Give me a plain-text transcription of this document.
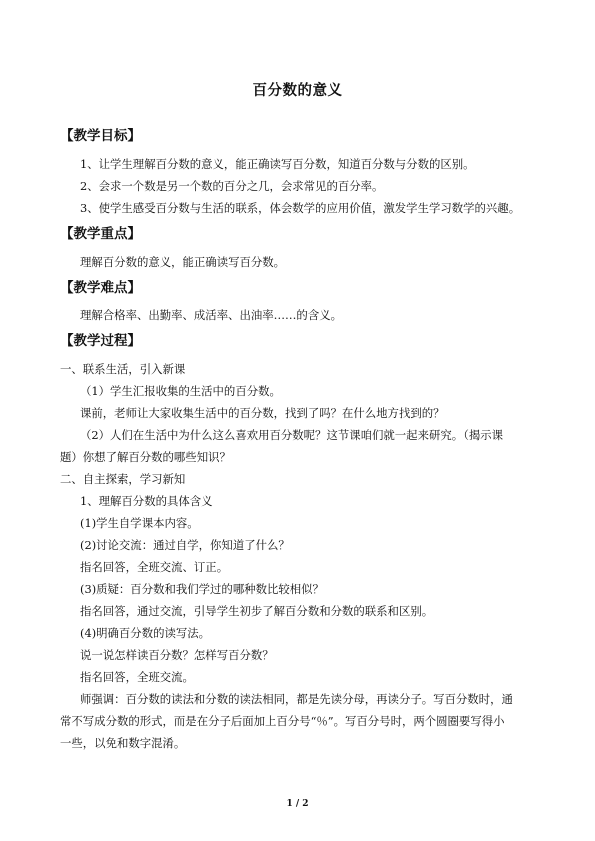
百分数的意义
【教学目标】
1、让学生理解百分数的意义，能正确读写百分数，知道百分数与分数的区别。
2、会求一个数是另一个数的百分之几，会求常见的百分率。
3、使学生感受百分数与生活的联系，体会数学的应用价值，激发学生学习数学的兴趣。
【教学重点】
理解百分数的意义，能正确读写百分数。
【教学难点】
理解合格率、出勤率、成活率、出油率……的含义。
【教学过程】
一、联系生活，引入新课
（1）学生汇报收集的生活中的百分数。
课前，老师让大家收集生活中的百分数，找到了吗？在什么地方找到的？
（2）人们在生活中为什么这么喜欢用百分数呢？这节课咱们就一起来研究。（揭示课
题）你想了解百分数的哪些知识？
二、自主探索，学习新知
1、理解百分数的具体含义
(1)学生自学课本内容。
(2)讨论交流：通过自学，你知道了什么？
指名回答，全班交流、订正。
(3)质疑：百分数和我们学过的哪种数比较相似？
指名回答，通过交流，引导学生初步了解百分数和分数的联系和区别。
(4)明确百分数的读写法。
说一说怎样读百分数？怎样写百分数？
指名回答，全班交流。
师强调：百分数的读法和分数的读法相同，都是先读分母，再读分子。写百分数时，通
常不写成分数的形式，而是在分子后面加上百分号“％”。写百分号时，两个圆圈要写得小
一些，以免和数字混淆。
1 / 2
